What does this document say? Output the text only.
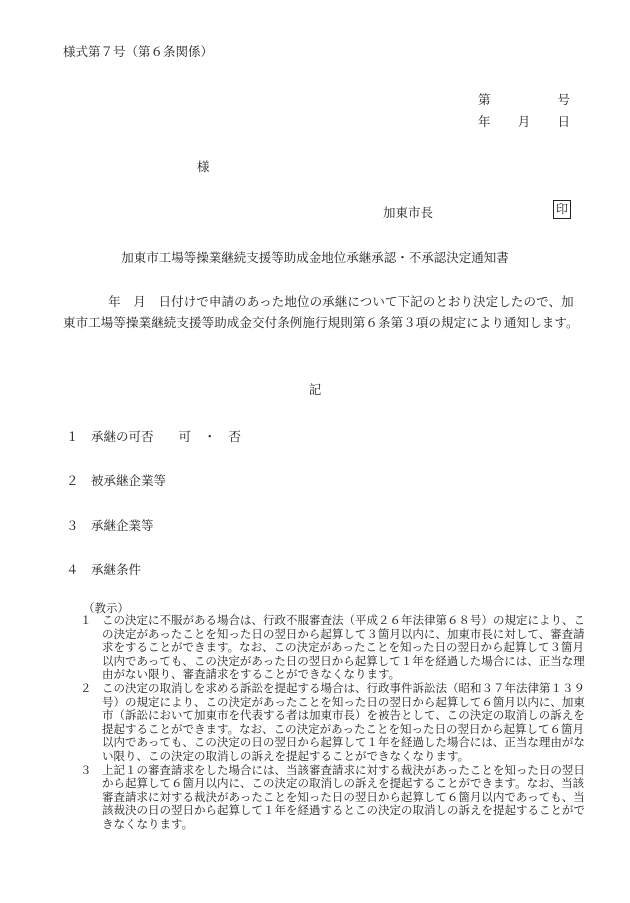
様式第７号（第６条関係）
第	号
年 月 日
様
加東市長	印
加東市工場等操業継続支援等助成金地位承継承認・不承認決定通知書

　年　月　日付けで申請のあった地位の承継について下記のとおり決定したので、加東市工場等操業継続支援等助成金交付条例施行規則第６条第３項の規定により通知します。

記
１　承継の可否　　可　・　否
２　被承継企業等
３　承継企業等
４　承継条件
（教示）
１ この決定に不服がある場合は、行政不服審査法（平成２６年法律第６８号）の規定により、この決定があったことを知った日の翌日から起算して３箇月以内に、加東市長に対して、審査請求をすることができます。なお、この決定があったことを知った日の翌日から起算して３箇月以内であっても、この決定があった日の翌日から起算して１年を経過した場合には、正当な理由がない限り、審査請求をすることができなくなります。
２ この決定の取消しを求める訴訟を提起する場合は、行政事件訴訟法（昭和３７年法律第１３９号）の規定により、この決定があったことを知った日の翌日から起算して６箇月以内に、加東市（訴訟において加東市を代表する者は加東市長）を被告として、この決定の取消しの訴えを提起することができます。なお、この決定があったことを知った日の翌日から起算して６箇月以内であっても、この決定の日の翌日から起算して１年を経過した場合には、正当な理由がない限り、この決定の取消しの訴えを提起することができなくなります。
３ 上記１の審査請求をした場合には、当該審査請求に対する裁決があったことを知った日の翌日から起算して６箇月以内に、この決定の取消しの訴えを提起することができます。なお、当該審査請求に対する裁決があったことを知った日の翌日から起算して６箇月以内であっても、当該裁決の日の翌日から起算して１年を経過するとこの決定の取消しの訴えを提起することができなくなります。
